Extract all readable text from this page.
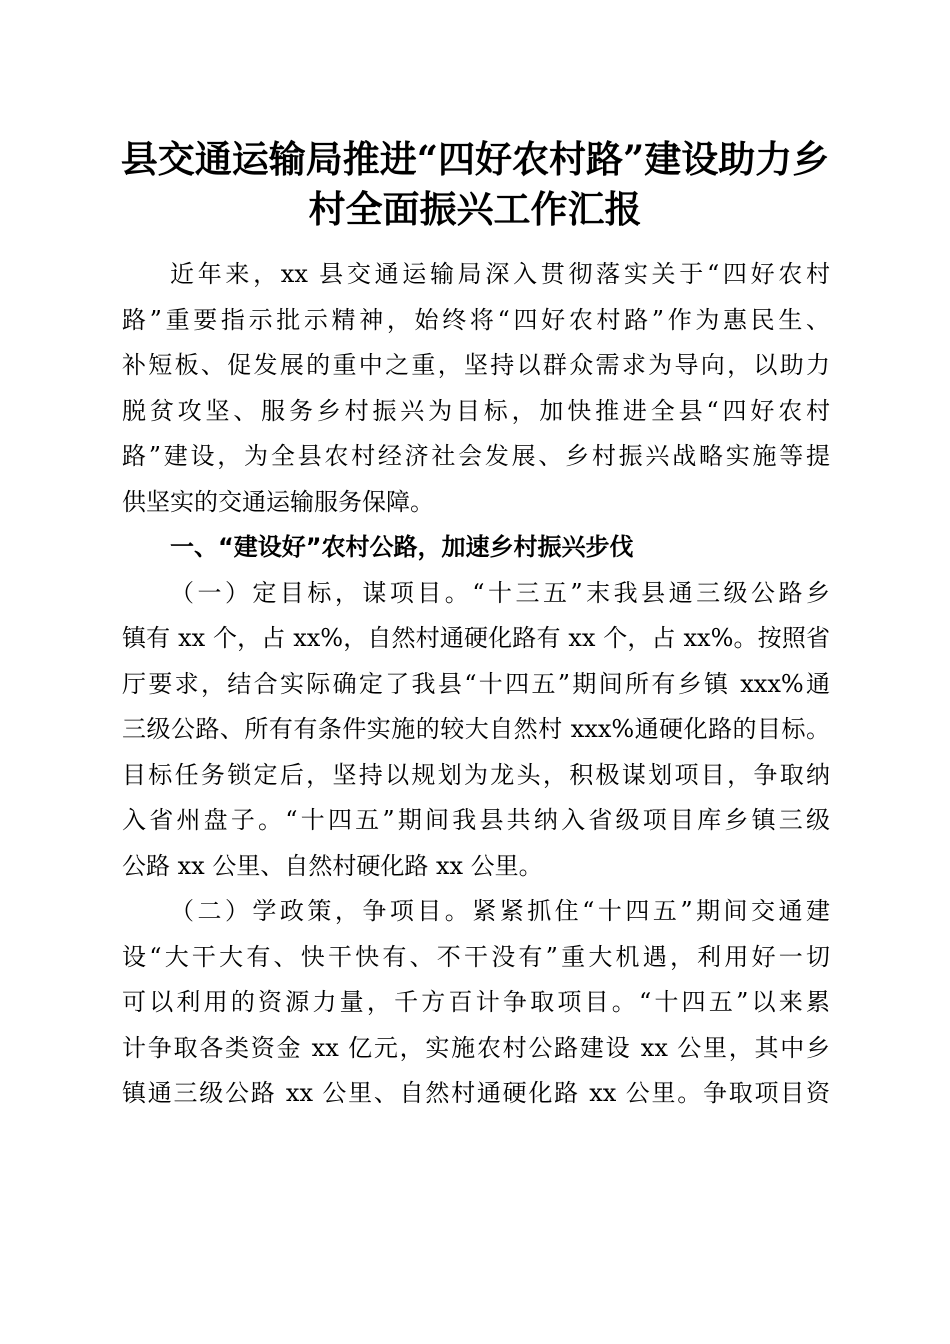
县交通运输局推进“四好农村路”建设助力乡
村全面振兴工作汇报
近年来，xx 县交通运输局深入贯彻落实关于“四好农村
路”重要指示批示精神，始终将“四好农村路”作为惠民生、
补短板、促发展的重中之重，坚持以群众需求为导向，以助力
脱贫攻坚、服务乡村振兴为目标，加快推进全县“四好农村
路”建设，为全县农村经济社会发展、乡村振兴战略实施等提
供坚实的交通运输服务保障。
一、“建设好”农村公路，加速乡村振兴步伐
（一）定目标，谋项目。“十三五”末我县通三级公路乡
镇有 xx 个，占 xx%，自然村通硬化路有 xx 个，占 xx%。按照省
厅要求，结合实际确定了我县“十四五”期间所有乡镇 xxx%通
三级公路、所有有条件实施的较大自然村 xxx%通硬化路的目标。
目标任务锁定后，坚持以规划为龙头，积极谋划项目，争取纳
入省州盘子。“十四五”期间我县共纳入省级项目库乡镇三级
公路 xx 公里、自然村硬化路 xx 公里。
（二）学政策，争项目。紧紧抓住“十四五”期间交通建
设“大干大有、快干快有、不干没有”重大机遇，利用好一切
可以利用的资源力量，千方百计争取项目。“十四五”以来累
计争取各类资金 xx 亿元，实施农村公路建设 xx 公里，其中乡
镇通三级公路 xx 公里、自然村通硬化路 xx 公里。争取项目资
